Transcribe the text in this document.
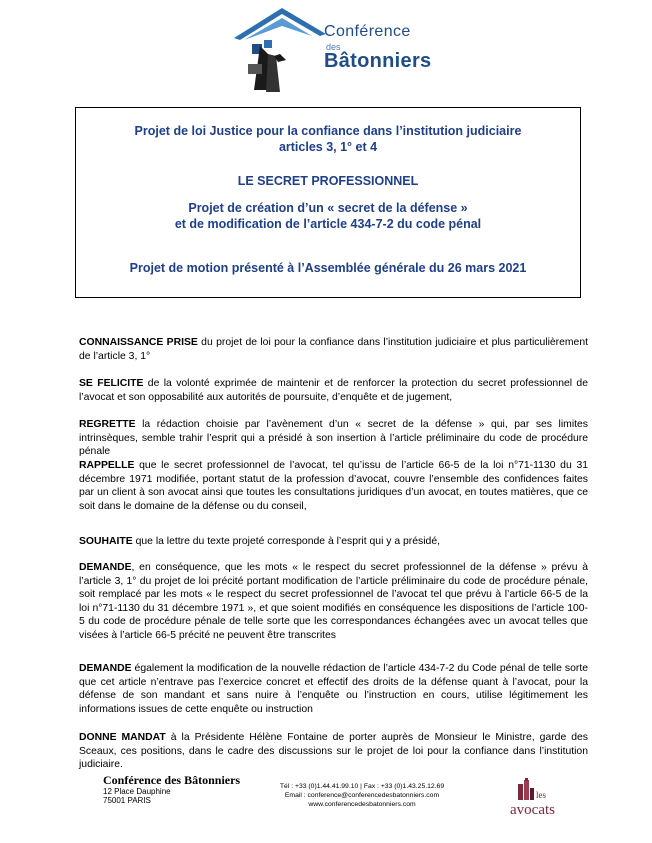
Conférence
des
Bâtonniers
Projet de loi Justice pour la confiance dans l’institution judiciaire
articles 3, 1° et 4
LE SECRET PROFESSIONNEL
Projet de création d’un « secret de la défense »
et de modification de l’article 434-7-2 du code pénal
Projet de motion présenté à l’Assemblée générale du 26 mars 2021

CONNAISSANCE PRISE du projet de loi pour la confiance dans l’institution judiciaire et plus particulièrement de l’article 3, 1°

SE FELICITE de la volonté exprimée de maintenir et de renforcer la protection du secret professionnel de l’avocat et son opposabilité aux autorités de poursuite, d’enquête et de jugement,

REGRETTE la rédaction choisie par l’avènement d’un « secret de la défense » qui, par ses limites intrinsèques, semble trahir l’esprit qui a présidé à son insertion à l’article préliminaire du code de procédure pénale

RAPPELLE que le secret professionnel de l’avocat, tel qu’issu de l’article 66-5 de la loi n°71-1130 du 31 décembre 1971 modifiée, portant statut de la profession d’avocat, couvre l’ensemble des confidences faites par un client à son avocat ainsi que toutes les consultations juridiques d’un avocat, en toutes matières, que ce soit dans le domaine de la défense ou du conseil,

SOUHAITE que la lettre du texte projeté corresponde à l’esprit qui y a présidé,

DEMANDE, en conséquence, que les mots « le respect du secret professionnel de la défense » prévu à l’article 3, 1° du projet de loi précité portant modification de l’article préliminaire du code de procédure pénale, soit remplacé par les mots « le respect du secret professionnel de l’avocat tel que prévu à l’article 66-5 de la loi n°71-1130 du 31 décembre 1971 », et que soient modifiés en conséquence les dispositions de l’article 100-5 du code de procédure pénale de telle sorte que les correspondances échangées avec un avocat telles que visées à l’article 66-5 précité ne peuvent être transcrites

DEMANDE également la modification de la nouvelle rédaction de l’article 434-7-2 du Code pénal de telle sorte que cet article n’entrave pas l’exercice concret et effectif des droits de la défense quant à l’avocat, pour la défense de son mandant et sans nuire à l’enquête ou l’instruction en cours, utilise légitimement les informations issues de cette enquête ou instruction

DONNE MANDAT à la Présidente Hélène Fontaine de porter auprès de Monsieur le Ministre, garde des Sceaux, ces positions, dans le cadre des discussions sur le projet de loi pour la confiance dans l’institution judiciaire.

Conférence des Bâtonniers
12 Place Dauphine
75001 PARIS
Tél : +33 (0)1.44.41.99.10 | Fax : +33 (0)1.43.25.12.69
Email : conference@conferencedesbatonniers.com
www.conferencedesbatonniers.com
les
avocats
